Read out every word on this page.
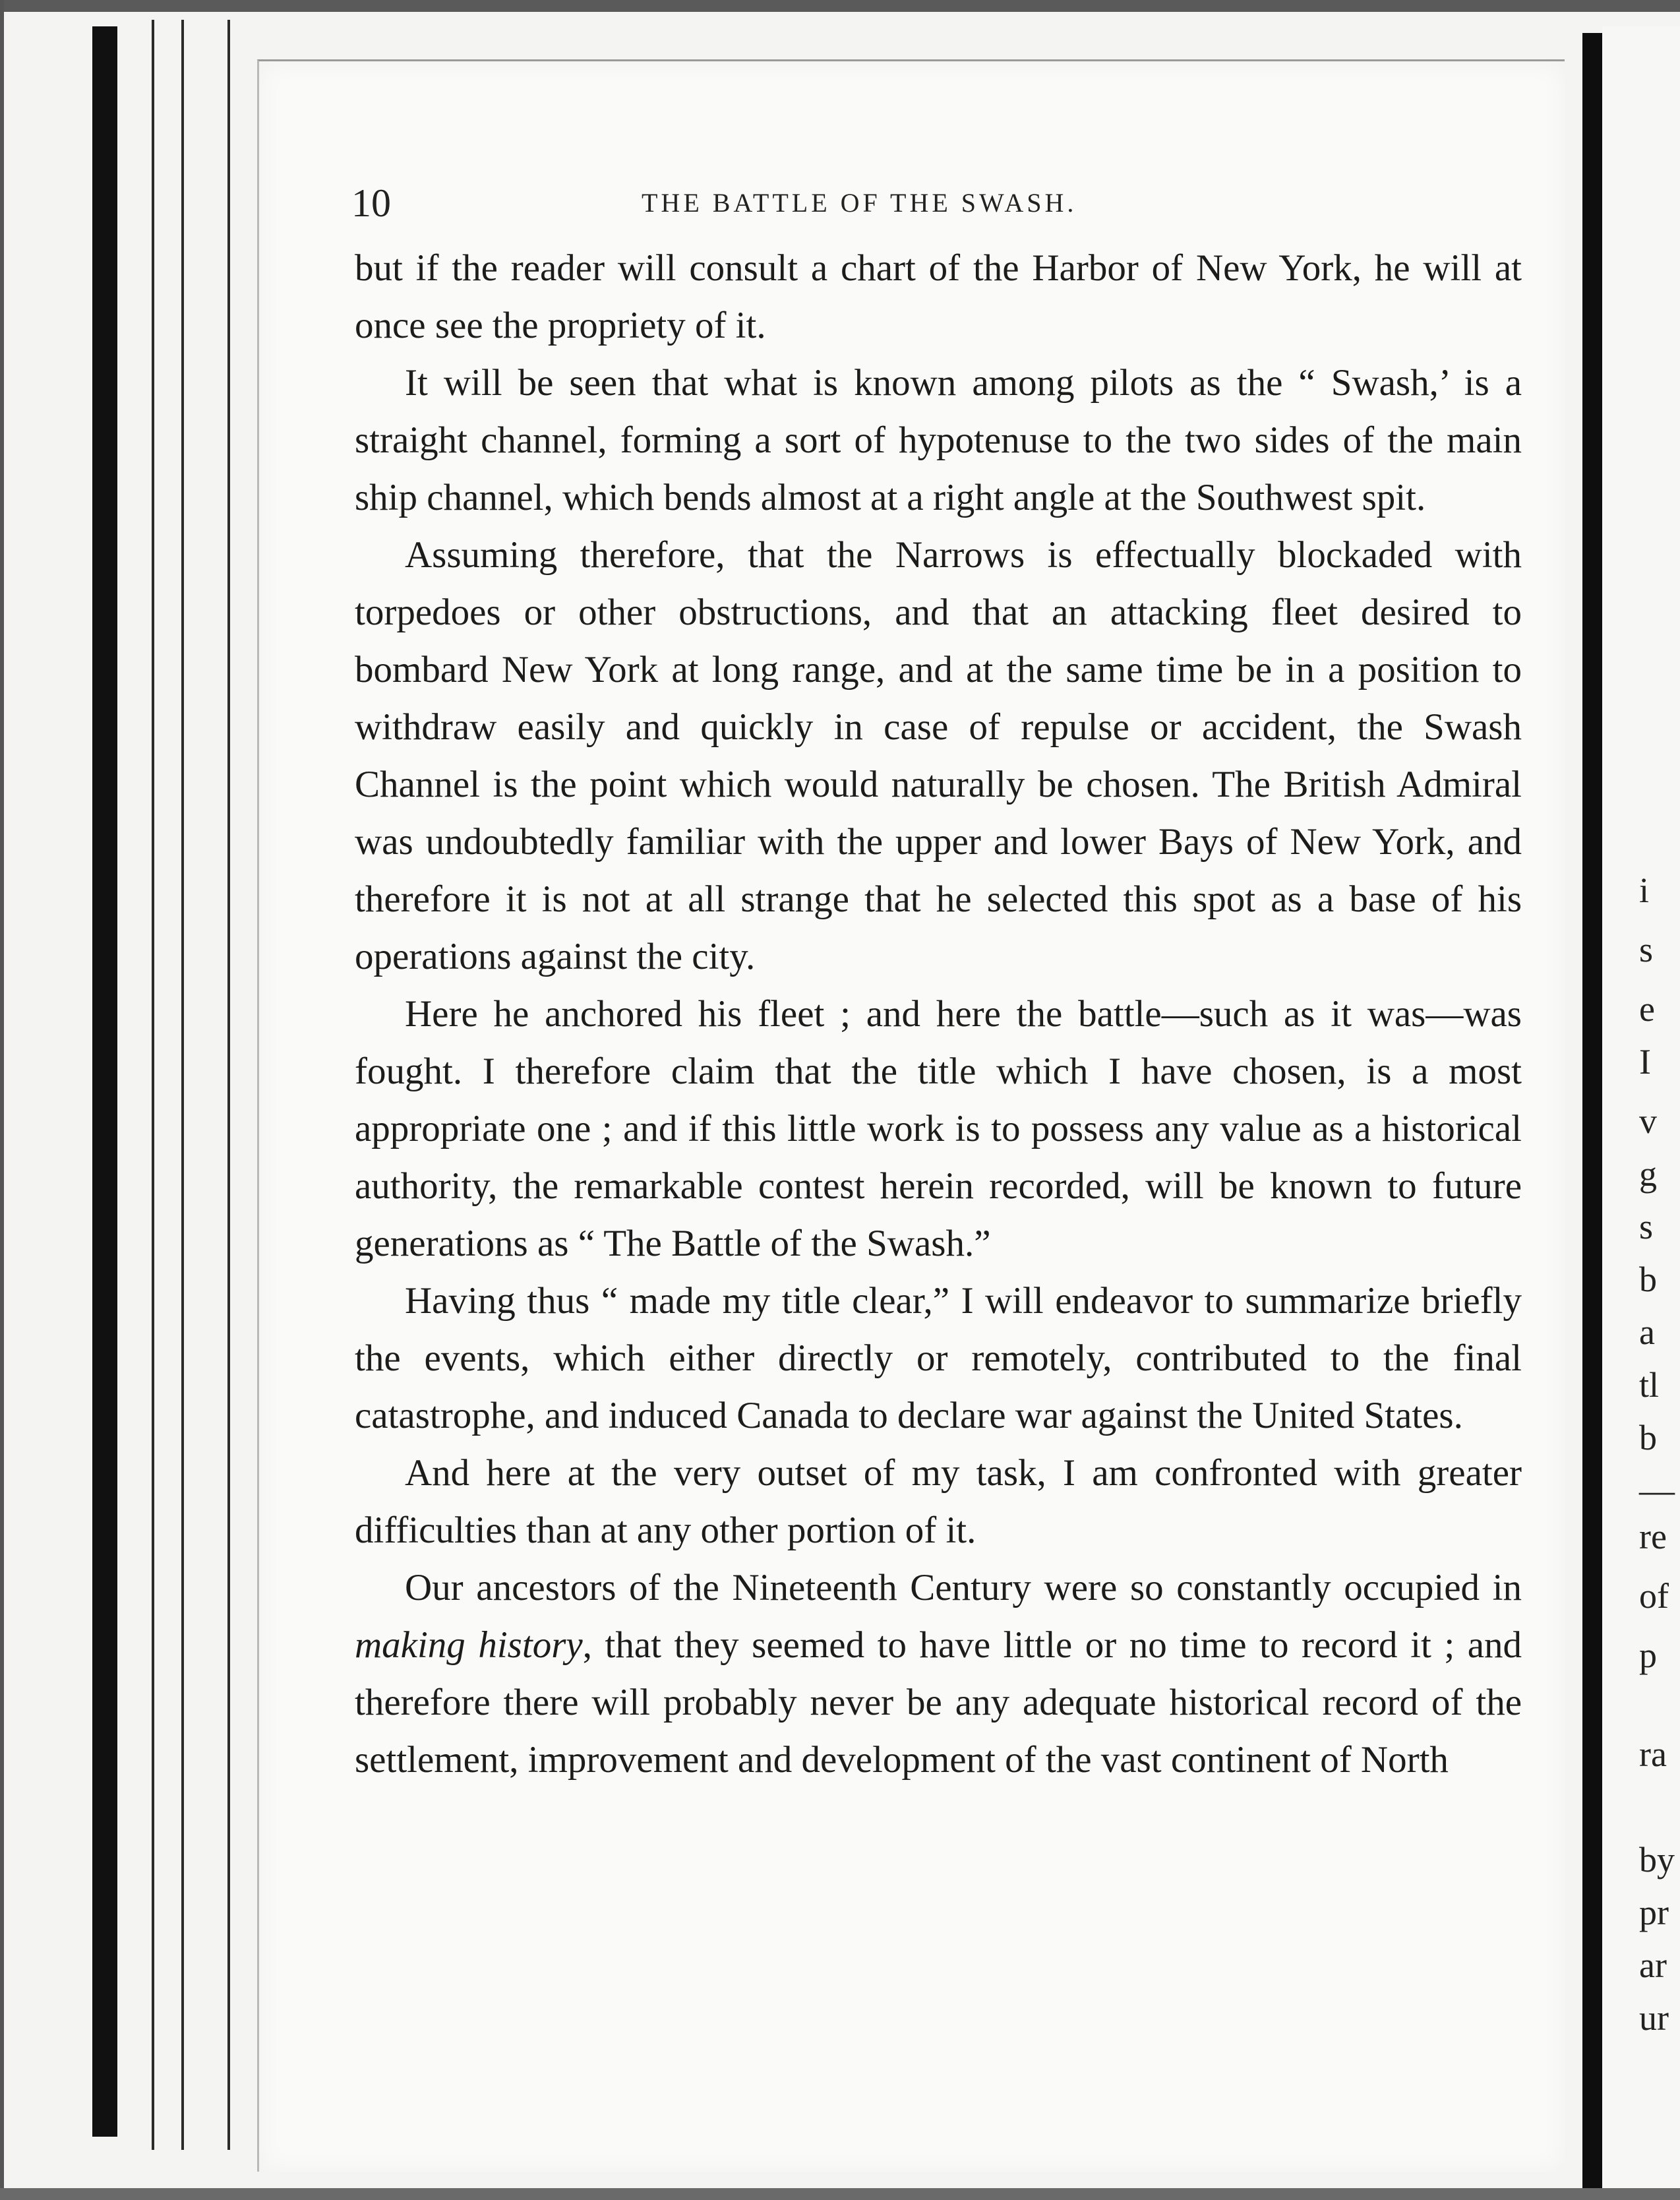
10	THE BATTLE OF THE SWASH.

but if the reader will consult a chart of the Harbor of New York, he will at once see the propriety of it.

It will be seen that what is known among pilots as the “ Swash,’ is a straight channel, forming a sort of hypotenuse to the two sides of the main ship channel, which bends almost at a right angle at the Southwest spit.

Assuming therefore, that the Narrows is effectually blockaded with torpedoes or other obstructions, and that an attacking fleet desired to bombard New York at long range, and at the same time be in a position to withdraw easily and quickly in case of repulse or accident, the Swash Channel is the point which would naturally be chosen. The British Admiral was undoubtedly familiar with the upper and lower Bays of New York, and therefore it is not at all strange that he selected this spot as a base of his operations against the city.

Here he anchored his fleet ; and here the battle—such as it was—was fought. I therefore claim that the title which I have chosen, is a most appropriate one ; and if this little work is to possess any value as a historical authority, the remarkable contest herein recorded, will be known to future generations as “ The Battle of the Swash.”

Having thus “ made my title clear,” I will endeavor to summarize briefly the events, which either directly or remotely, contributed to the final catastrophe, and induced Canada to declare war against the United States.

And here at the very outset of my task, I am confronted with greater difficulties than at any other portion of it.

Our ancestors of the Nineteenth Century were so constantly occupied in making history, that they seemed to have little or no time to record it ; and therefore there will probably never be any adequate historical record of the settlement, improvement and development of the vast continent of North

i
s
e
I
v
g
s
b
a
tl
b
—
re
of
p
ra
by
pr
ar
ur
